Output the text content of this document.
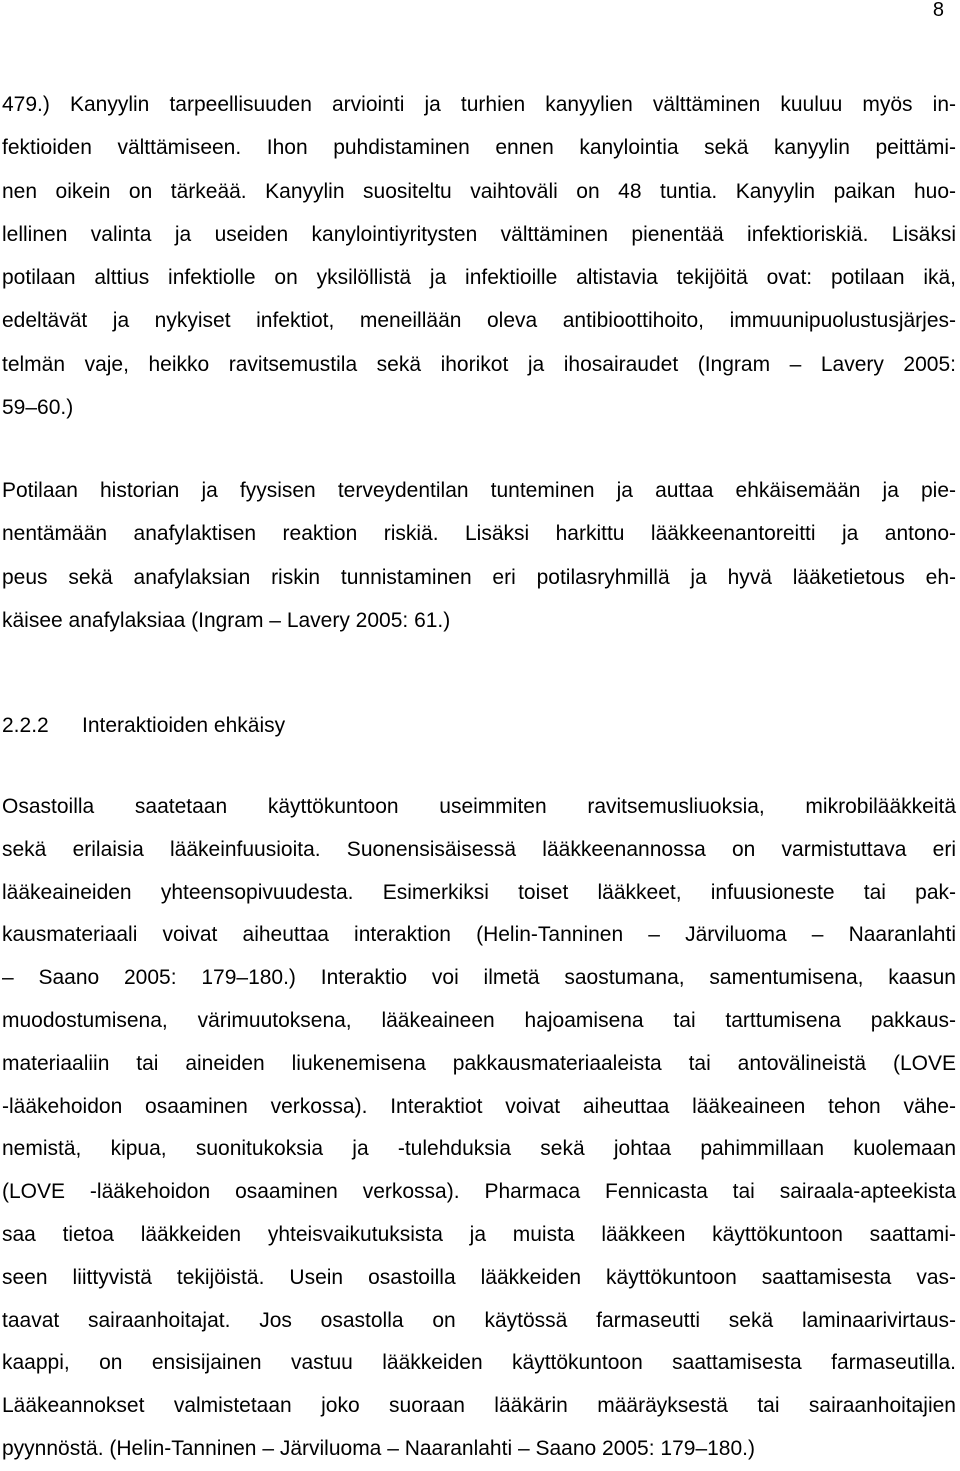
8
479.) Kanyylin tarpeellisuuden arviointi ja turhien kanyylien välttäminen kuuluu myös in-
fektioiden välttämiseen. Ihon puhdistaminen ennen kanylointia sekä kanyylin peittämi-
nen oikein on tärkeää. Kanyylin suositeltu vaihtoväli on 48 tuntia. Kanyylin paikan huo-
lellinen valinta ja useiden kanylointiyritysten välttäminen pienentää infektioriskiä. Lisäksi
potilaan alttius infektiolle on yksilöllistä ja infektioille altistavia tekijöitä ovat: potilaan ikä,
edeltävät ja nykyiset infektiot, meneillään oleva antibioottihoito, immuunipuolustusjärjes-
telmän vaje, heikko ravitsemustila sekä ihorikot ja ihosairaudet (Ingram – Lavery 2005:
59–60.)
Potilaan historian ja fyysisen terveydentilan tunteminen ja auttaa ehkäisemään ja pie-
nentämään anafylaktisen reaktion riskiä. Lisäksi harkittu lääkkeenantoreitti ja antono-
peus sekä anafylaksian riskin tunnistaminen eri potilasryhmillä ja hyvä lääketietous eh-
käisee anafylaksiaa (Ingram – Lavery 2005: 61.)
2.2.2 Interaktioiden ehkäisy
Osastoilla saatetaan käyttökuntoon useimmiten ravitsemusliuoksia, mikrobilääkkeitä
sekä erilaisia lääkeinfuusioita. Suonensisäisessä lääkkeenannossa on varmistuttava eri
lääkeaineiden yhteensopivuudesta. Esimerkiksi toiset lääkkeet, infuusioneste tai pak-
kausmateriaali voivat aiheuttaa interaktion (Helin-Tanninen – Järviluoma – Naaranlahti
– Saano 2005: 179–180.) Interaktio voi ilmetä saostumana, samentumisena, kaasun
muodostumisena, värimuutoksena, lääkeaineen hajoamisena tai tarttumisena pakkaus-
materiaaliin tai aineiden liukenemisena pakkausmateriaaleista tai antovälineistä (LOVE
-lääkehoidon osaaminen verkossa). Interaktiot voivat aiheuttaa lääkeaineen tehon vähe-
nemistä, kipua, suonitukoksia ja -tulehduksia sekä johtaa pahimmillaan kuolemaan
(LOVE -lääkehoidon osaaminen verkossa). Pharmaca Fennicasta tai sairaala-apteekista
saa tietoa lääkkeiden yhteisvaikutuksista ja muista lääkkeen käyttökuntoon saattami-
seen liittyvistä tekijöistä. Usein osastoilla lääkkeiden käyttökuntoon saattamisesta vas-
taavat sairaanhoitajat. Jos osastolla on käytössä farmaseutti sekä laminaarivirtaus-
kaappi, on ensisijainen vastuu lääkkeiden käyttökuntoon saattamisesta farmaseutilla.
Lääkeannokset valmistetaan joko suoraan lääkärin määräyksestä tai sairaanhoitajien
pyynnöstä. (Helin-Tanninen – Järviluoma – Naaranlahti – Saano 2005: 179–180.)
